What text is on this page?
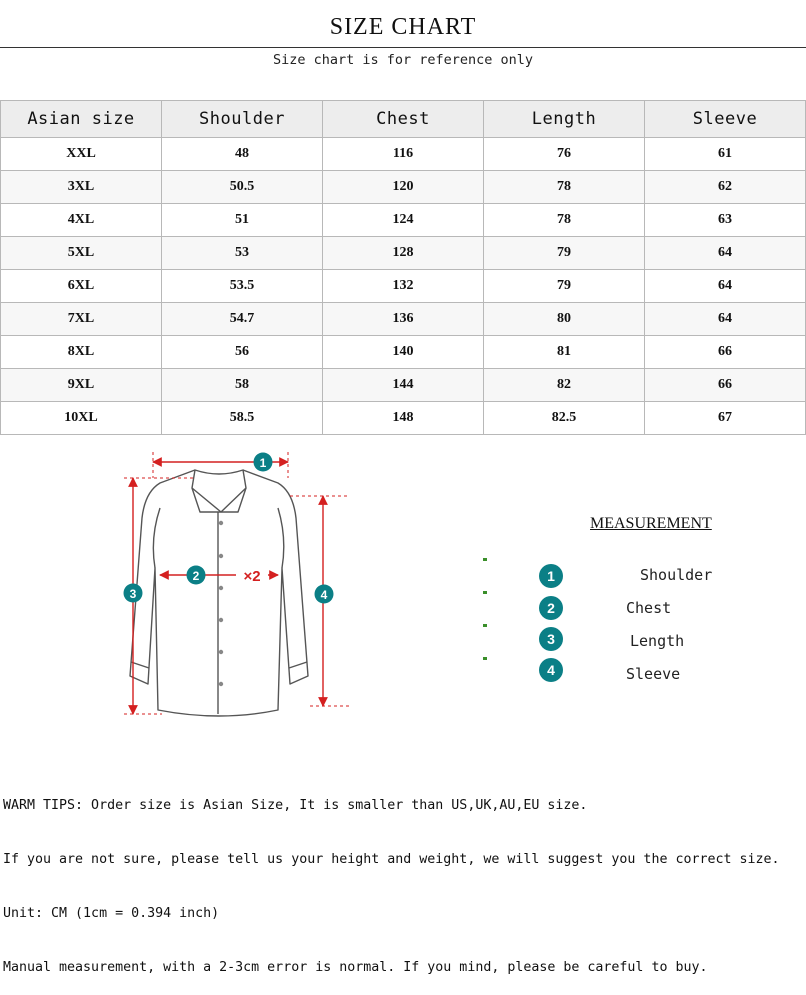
SIZE CHART
Size chart is for reference only
Asian size	Shoulder	Chest	Length	Sleeve
XXL	48	116	76	61
3XL	50.5	120	78	62
4XL	51	124	78	63
5XL	53	128	79	64
6XL	53.5	132	79	64
7XL	54.7	136	80	64
8XL	56	140	81	66
9XL	58	144	82	66
10XL	58.5	148	82.5	67
1
2	×2
3	4
MEASUREMENT
1	Shoulder
2	Chest
3	Length
4	Sleeve

WARM TIPS: Order size is Asian Size, It is smaller than US,UK,AU,EU size.

If you are not sure, please tell us your height and weight, we will suggest you the correct size.

Unit: CM (1cm = 0.394 inch)

Manual measurement, with a 2-3cm error is normal. If you mind, please be careful to buy.
